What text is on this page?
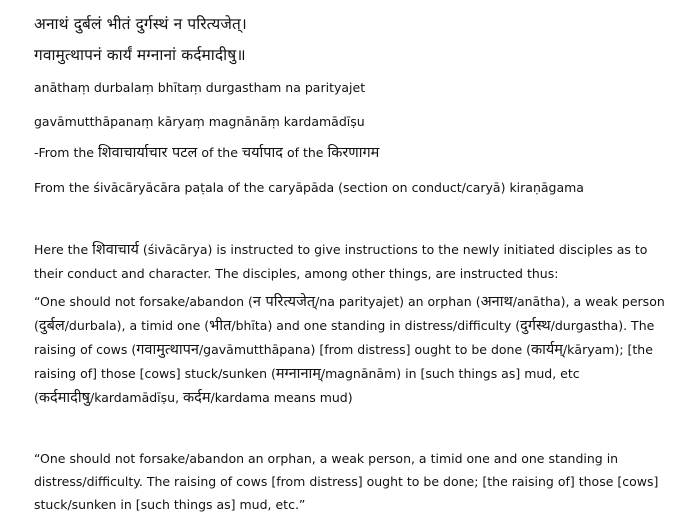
अनाथं दुर्बलं भीतं दुर्गस्थं न परित्यजेत्।
गवामुत्थापनं कार्यं मग्नानां कर्दमादीषु॥
anāthaṃ durbalaṃ bhītaṃ durgastham na parityajet
gavāmutthāpanaṃ kāryaṃ magnānāṃ kardamādīṣu
-From the शिवाचार्याचार पटल of the चर्यापाद of the किरणागम
From the śivācāryācāra paṭala of the caryāpāda (section on conduct/caryā) kiraṇāgama
Here the शिवाचार्य (śivācārya) is instructed to give instructions to the newly initiated disciples as to their conduct and character. The disciples, among other things, are instructed thus:
“One should not forsake/abandon (न परित्यजेत्/na parityajet) an orphan (अनाथ/anātha), a weak person (दुर्बल/durbala), a timid one (भीत/bhīta) and one standing in distress/difficulty (दुर्गस्थ/durgastha). The raising of cows (गवामुत्थापन/gavāmutthāpana) [from distress] ought to be done (कार्यम्/kāryam); [the raising of] those [cows] stuck/sunken (मग्नानाम्/magnānām) in [such things as] mud, etc (कर्दमादीषु/kardamādīṣu, कर्दम/kardama means mud)
“One should not forsake/abandon an orphan, a weak person, a timid one and one standing in distress/difficulty. The raising of cows [from distress] ought to be done; [the raising of] those [cows] stuck/sunken in [such things as] mud, etc.”
